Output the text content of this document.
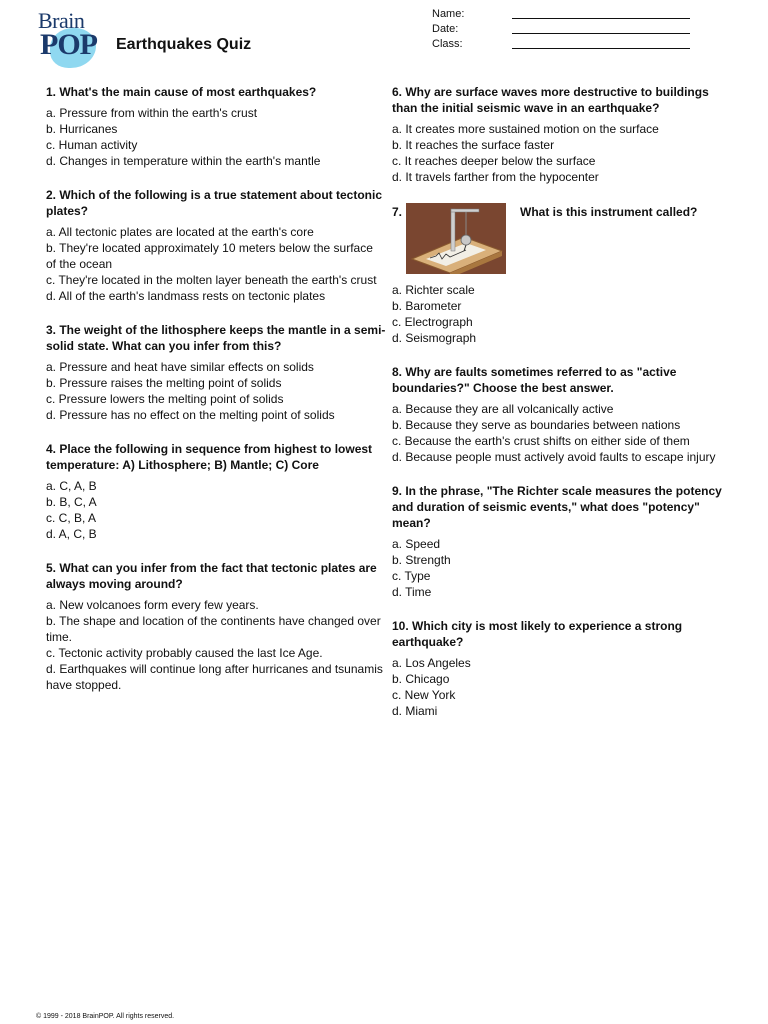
Brain
POP Earthquakes Quiz
Name:
Date:
Class:
1. What's the main cause of most earthquakes?
a. Pressure from within the earth's crust
b. Hurricanes
c. Human activity
d. Changes in temperature within the earth's mantle
2. Which of the following is a true statement about tectonic plates?
a. All tectonic plates are located at the earth's core
b. They're located approximately 10 meters below the surface of the ocean
c. They're located in the molten layer beneath the earth's crust
d. All of the earth's landmass rests on tectonic plates
3. The weight of the lithosphere keeps the mantle in a semi-solid state. What can you infer from this?
a. Pressure and heat have similar effects on solids
b. Pressure raises the melting point of solids
c. Pressure lowers the melting point of solids
d. Pressure has no effect on the melting point of solids
4. Place the following in sequence from highest to lowest temperature: A) Lithosphere; B) Mantle; C) Core
a. C, A, B
b. B, C, A
c. C, B, A
d. A, C, B
5. What can you infer from the fact that tectonic plates are always moving around?
a. New volcanoes form every few years.
b. The shape and location of the continents have changed over time.
c. Tectonic activity probably caused the last Ice Age.
d. Earthquakes will continue long after hurricanes and tsunamis have stopped.
6. Why are surface waves more destructive to buildings than the initial seismic wave in an earthquake?
a. It creates more sustained motion on the surface
b. It reaches the surface faster
c. It reaches deeper below the surface
d. It travels farther from the hypocenter
7.	What is this instrument called?
a. Richter scale
b. Barometer
c. Electrograph
d. Seismograph
8. Why are faults sometimes referred to as "active boundaries?" Choose the best answer.
a. Because they are all volcanically active
b. Because they serve as boundaries between nations
c. Because the earth's crust shifts on either side of them
d. Because people must actively avoid faults to escape injury
9. In the phrase, "The Richter scale measures the potency and duration of seismic events," what does "potency" mean?
a. Speed
b. Strength
c. Type
d. Time
10. Which city is most likely to experience a strong earthquake?
a. Los Angeles
b. Chicago
c. New York
d. Miami
© 1999 - 2018 BrainPOP. All rights reserved.
